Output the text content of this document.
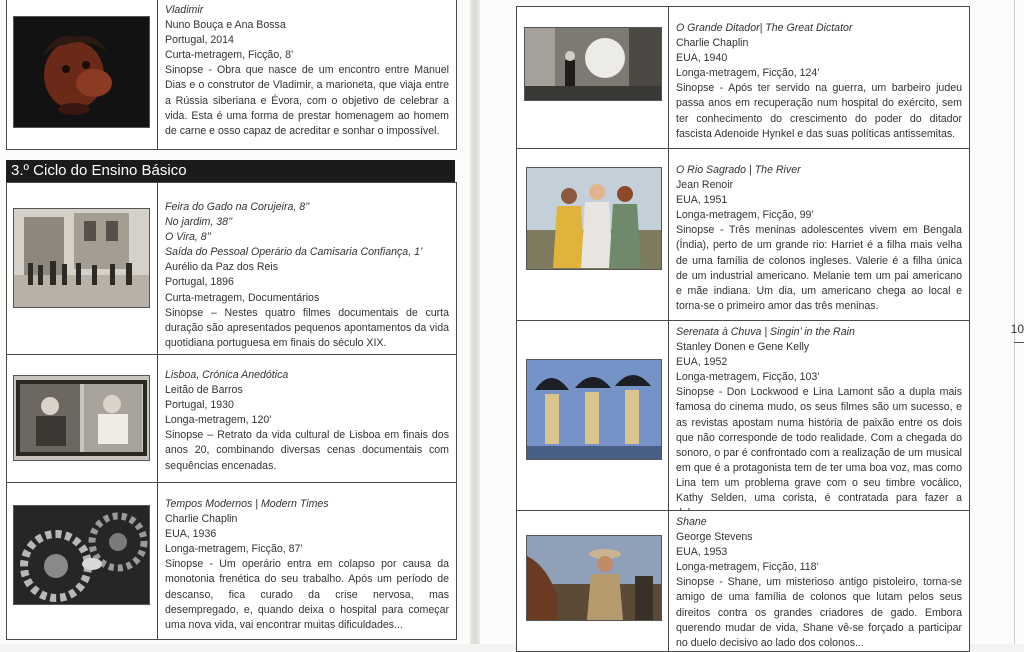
Vladimir
Nuno Bouça e Ana Bossa
Portugal, 2014
Curta-metragem, Ficção, 8’
Sinopse - Obra que nasce de um encontro entre Manuel Dias e o construtor de Vladimir, a marioneta, que viaja entre a Rússia siberiana e Évora, com o objetivo de celebrar a vida. Esta é uma forma de prestar homenagem ao homem de carne e osso capaz de acreditar e sonhar o impossível.
3.º Ciclo do Ensino Básico
Feira do Gado na Corujeira, 8’’
No jardim, 38’’
O Vira, 8’’
Saída do Pessoal Operário da Camisaria Confiança, 1’
Aurélio da Paz dos Reis
Portugal, 1896
Curta-metragem, Documentários
Sinopse – Nestes quatro filmes documentais de curta duração são apresentados pequenos apontamentos da vida quotidiana portuguesa em finais do século XIX.
Lisboa, Crónica Anedótica
Leitão de Barros
Portugal, 1930
Longa-metragem, 120’
Sinopse – Retrato da vida cultural de Lisboa em finais dos anos 20, combinando diversas cenas documentais com sequências encenadas.
Tempos Modernos | Modern Times
Charlie Chaplin
EUA, 1936
Longa-metragem, Ficção, 87’
Sinopse - Um operário entra em colapso por causa da monotonia frenética do seu trabalho. Após um período de descanso, fica curado da crise nervosa, mas desempregado, e, quando deixa o hospital para começar uma nova vida, vai encontrar muitas dificuldades...
O Grande Ditador| The Great Dictator
Charlie Chaplin
EUA, 1940
Longa-metragem, Ficção, 124’
Sinopse - Após ter servido na guerra, um barbeiro judeu passa anos em recuperação num hospital do exército, sem ter conhecimento do crescimento do poder do ditador fascista Adenoide Hynkel e das suas políticas antissemitas.
O Rio Sagrado | The River
Jean Renoir
EUA, 1951
Longa-metragem, Ficção, 99’
Sinopse - Três meninas adolescentes vivem em Bengala (Índia), perto de um grande rio: Harriet é a filha mais velha de uma família de colonos ingleses. Valerie é a filha única de um industrial americano. Melanie tem um pai americano e mãe indiana. Um dia, um americano chega ao local e torna-se o primeiro amor das três meninas.
Serenata à Chuva | Singin’ in the Rain
Stanley Donen e Gene Kelly
EUA, 1952
Longa-metragem, Ficção, 103’
Sinopse - Don Lockwood e Lina Lamont são a dupla mais famosa do cinema mudo, os seus filmes são um sucesso, e as revistas apostam numa história de paixão entre os dois que não corresponde de todo realidade. Com a chegada do sonoro, o par é confrontado com a realização de um musical em que é a protagonista tem de ter uma boa voz, mas como Lina tem um problema grave com o seu timbre vocálico, Kathy Selden, uma corista, é contratada para fazer a
Shane
George Stevens
EUA, 1953
Longa-metragem, Ficção, 118’
Sinopse - Shane, um misterioso antigo pistoleiro, torna-se amigo de uma família de colonos que lutam pelos seus direitos contra os grandes criadores de gado. Embora querendo mudar de vida, Shane vê-se forçado a participar no duelo decisivo ao lado dos colonos...
10
